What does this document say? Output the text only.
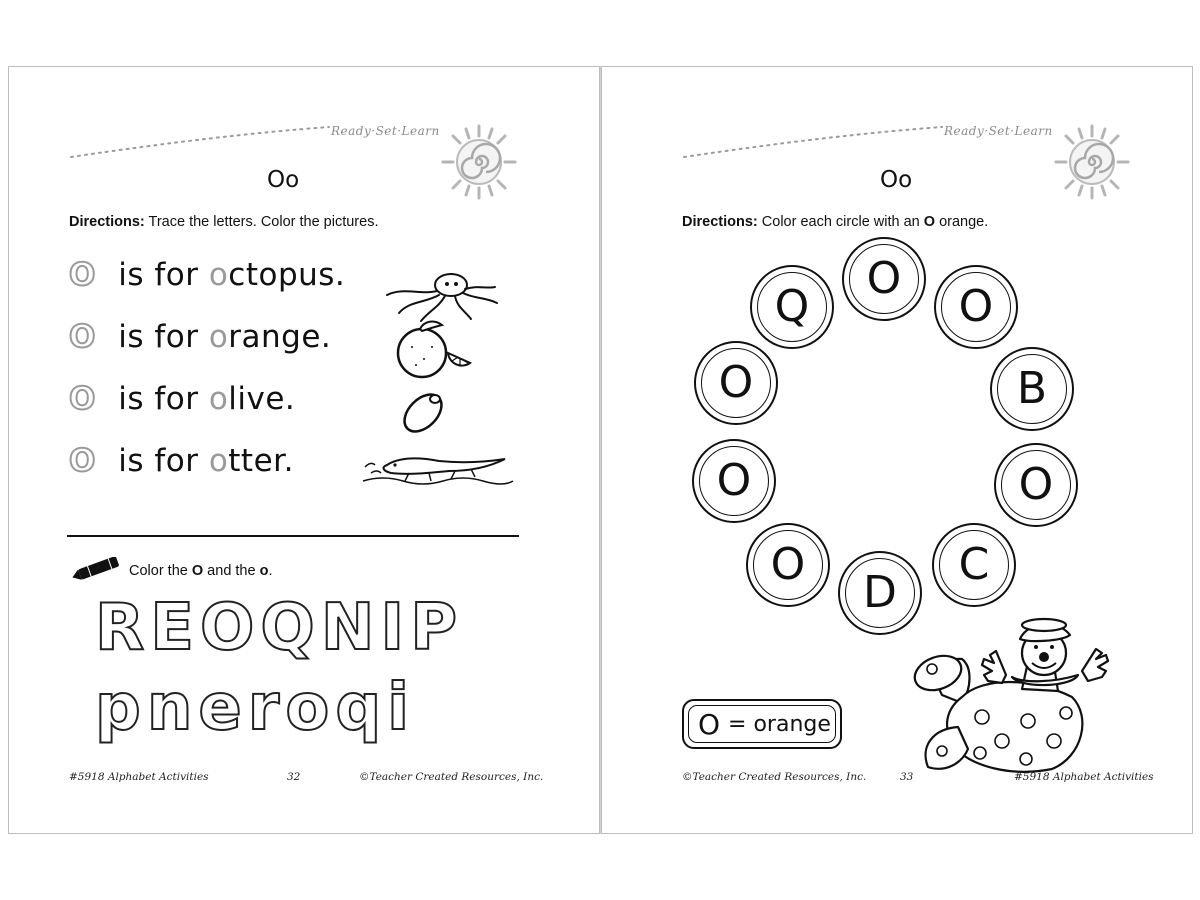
Ready·Set·Learn
Oo
Directions: Trace the letters. Color the pictures.
O is for octopus.
O is for orange.
O is for olive.
O is for otter.
Color the O and the o.
REOQNIP
pneroqi
#5918 Alphabet Activities	32	©Teacher Created Resources, Inc.
Ready·Set·Learn
Oo
Directions: Color each circle with an O orange.
O
O
B
O
C
D
O
O
O
Q
O = orange
©Teacher Created Resources, Inc.	33	#5918 Alphabet Activities
